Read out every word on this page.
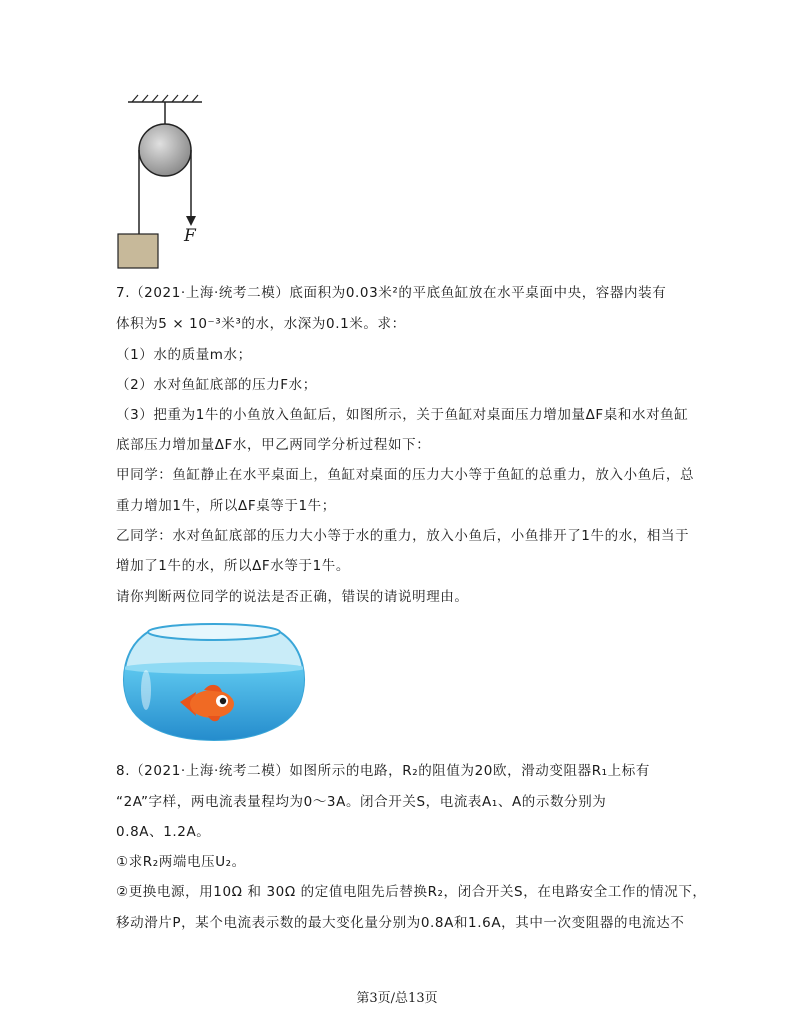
F
7.（2021·上海·统考二模）底面积为0.03米²的平底鱼缸放在水平桌面中央，容器内装有
体积为5 × 10⁻³米³的水，水深为0.1米。求：
（1）水的质量m水；
（2）水对鱼缸底部的压力F水；
（3）把重为1牛的小鱼放入鱼缸后，如图所示，关于鱼缸对桌面压力增加量ΔF桌和水对鱼缸
底部压力增加量ΔF水，甲乙两同学分析过程如下：
甲同学：鱼缸静止在水平桌面上，鱼缸对桌面的压力大小等于鱼缸的总重力，放入小鱼后，总
重力增加1牛，所以ΔF桌等于1牛；
乙同学：水对鱼缸底部的压力大小等于水的重力，放入小鱼后，小鱼排开了1牛的水，相当于
增加了1牛的水，所以ΔF水等于1牛。
请你判断两位同学的说法是否正确，错误的请说明理由。
8.（2021·上海·统考二模）如图所示的电路，R₂的阻值为20欧，滑动变阻器R₁上标有
“2A”字样，两电流表量程均为0～3A。闭合开关S，电流表A₁、A的示数分别为
0.8A、1.2A。
①求R₂两端电压U₂。
②更换电源，用10Ω 和 30Ω 的定值电阻先后替换R₂，闭合开关S，在电路安全工作的情况下，
移动滑片P，某个电流表示数的最大变化量分别为0.8A和1.6A，其中一次变阻器的电流达不
第3页/总13页
